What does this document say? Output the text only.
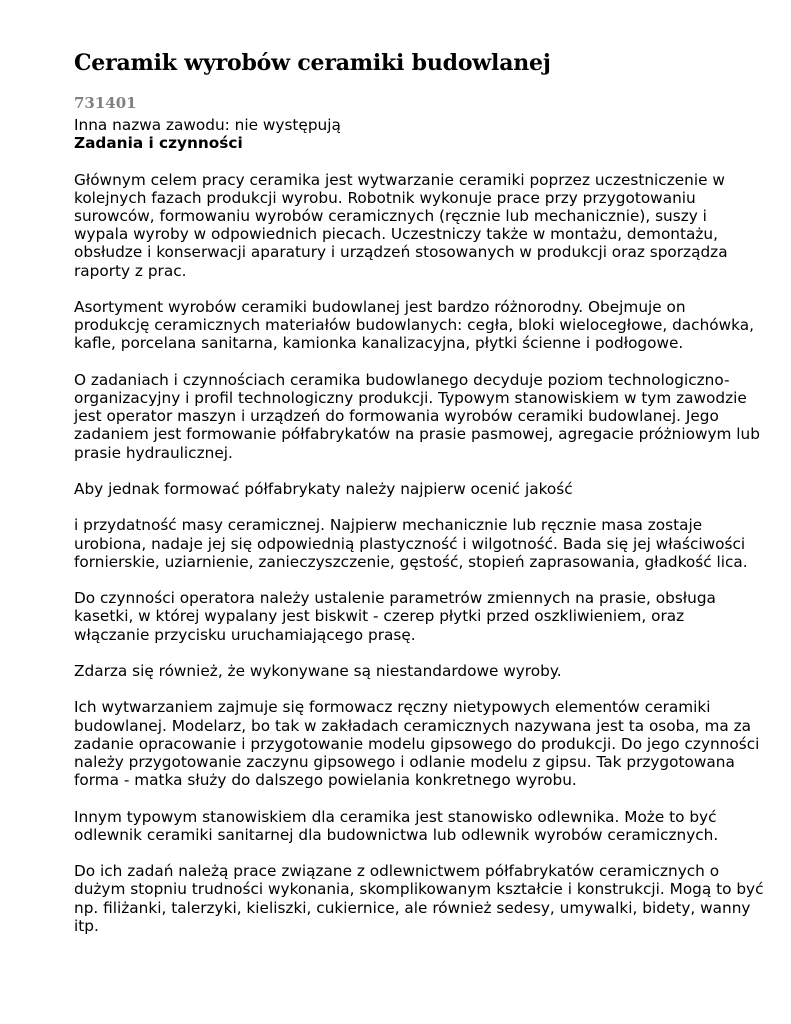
Ceramik wyrobów ceramiki budowlanej
731401
Inna nazwa zawodu: nie występują
Zadania i czynności

Głównym celem pracy ceramika jest wytwarzanie ceramiki poprzez uczestniczenie w kolejnych fazach produkcji wyrobu. Robotnik wykonuje prace przy przygotowaniu surowców, formowaniu wyrobów ceramicznych (ręcznie lub mechanicznie), suszy i wypala wyroby w odpowiednich piecach. Uczestniczy także w montażu, demontażu, obsłudze i konserwacji aparatury i urządzeń stosowanych w produkcji oraz sporządza raporty z prac.

Asortyment wyrobów ceramiki budowlanej jest bardzo różnorodny. Obejmuje on produkcję ceramicznych materiałów budowlanych: cegła, bloki wielocegłowe, dachówka, kafle, porcelana sanitarna, kamionka kanalizacyjna, płytki ścienne i podłogowe.

O zadaniach i czynnościach ceramika budowlanego decyduje poziom technologiczno-organizacyjny i profil technologiczny produkcji. Typowym stanowiskiem w tym zawodzie jest operator maszyn i urządzeń do formowania wyrobów ceramiki budowlanej. Jego zadaniem jest formowanie półfabrykatów na prasie pasmowej, agregacie próżniowym lub prasie hydraulicznej.

Aby jednak formować półfabrykaty należy najpierw ocenić jakość

i przydatność masy ceramicznej. Najpierw mechanicznie lub ręcznie masa zostaje urobiona, nadaje jej się odpowiednią plastyczność i wilgotność. Bada się jej właściwości fornierskie, uziarnienie, zanieczyszczenie, gęstość, stopień zaprasowania, gładkość lica.

Do czynności operatora należy ustalenie parametrów zmiennych na prasie, obsługa kasetki, w której wypalany jest biskwit - czerep płytki przed oszkliwieniem, oraz włączanie przycisku uruchamiającego prasę.

Zdarza się również, że wykonywane są niestandardowe wyroby.

Ich wytwarzaniem zajmuje się formowacz ręczny nietypowych elementów ceramiki budowlanej. Modelarz, bo tak w zakładach ceramicznych nazywana jest ta osoba, ma za zadanie opracowanie i przygotowanie modelu gipsowego do produkcji. Do jego czynności należy przygotowanie zaczynu gipsowego i odlanie modelu z gipsu. Tak przygotowana forma - matka służy do dalszego powielania konkretnego wyrobu.

Innym typowym stanowiskiem dla ceramika jest stanowisko odlewnika. Może to być odlewnik ceramiki sanitarnej dla budownictwa lub odlewnik wyrobów ceramicznych.

Do ich zadań należą prace związane z odlewnictwem półfabrykatów ceramicznych o dużym stopniu trudności wykonania, skomplikowanym kształcie i konstrukcji. Mogą to być np. filiżanki, talerzyki, kieliszki, cukiernice, ale również sedesy, umywalki, bidety, wanny itp.
